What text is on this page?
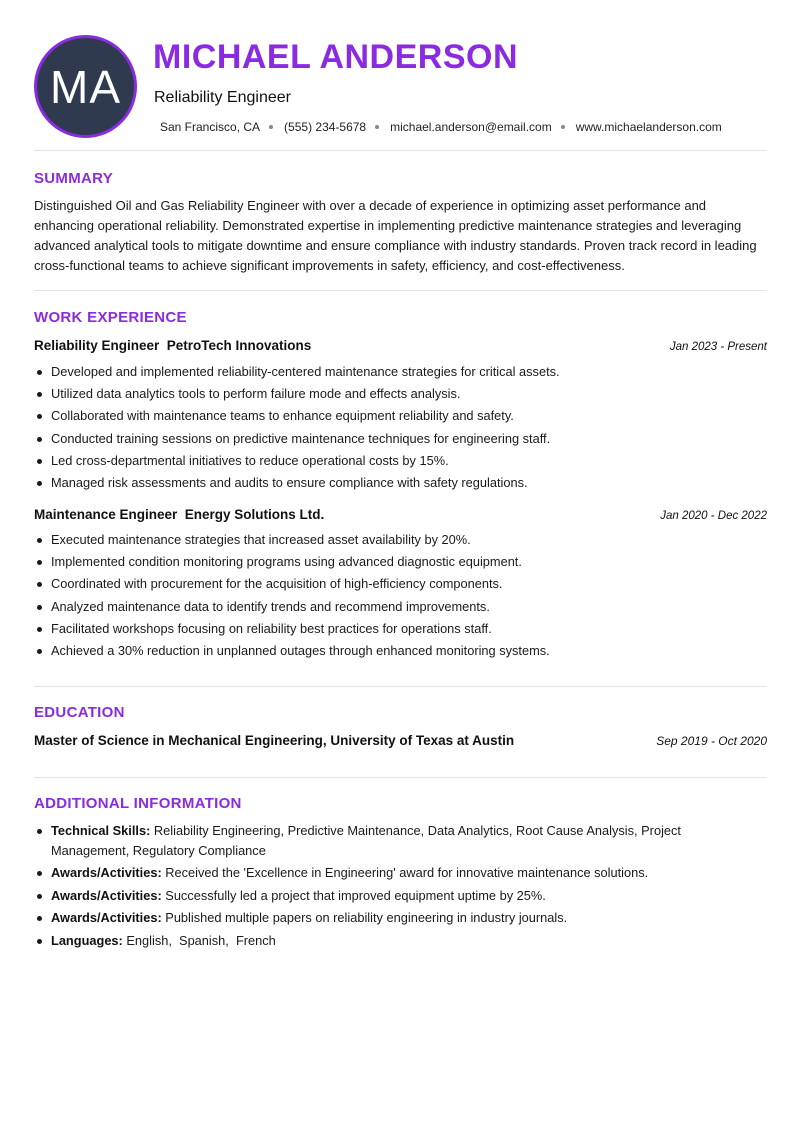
MA
MICHAEL ANDERSON
Reliability Engineer
San Francisco, CA (555) 234-5678 michael.anderson@email.com www.michaelanderson.com
SUMMARY

Distinguished Oil and Gas Reliability Engineer with over a decade of experience in optimizing asset performance and enhancing operational reliability. Demonstrated expertise in implementing predictive maintenance strategies and leveraging advanced analytical tools to mitigate downtime and ensure compliance with industry standards. Proven track record in leading cross-functional teams to achieve significant improvements in safety, efficiency, and cost-effectiveness.

WORK EXPERIENCE
Reliability Engineer  PetroTech Innovations	Jan 2023 - Present
Developed and implemented reliability-centered maintenance strategies for critical assets.
Utilized data analytics tools to perform failure mode and effects analysis.
Collaborated with maintenance teams to enhance equipment reliability and safety.
Conducted training sessions on predictive maintenance techniques for engineering staff.
Led cross-departmental initiatives to reduce operational costs by 15%.
Managed risk assessments and audits to ensure compliance with safety regulations.
Maintenance Engineer  Energy Solutions Ltd.	Jan 2020 - Dec 2022
Executed maintenance strategies that increased asset availability by 20%.
Implemented condition monitoring programs using advanced diagnostic equipment.
Coordinated with procurement for the acquisition of high-efficiency components.
Analyzed maintenance data to identify trends and recommend improvements.
Facilitated workshops focusing on reliability best practices for operations staff.
Achieved a 30% reduction in unplanned outages through enhanced monitoring systems.
EDUCATION
Master of Science in Mechanical Engineering, University of Texas at Austin	Sep 2019 - Oct 2020
ADDITIONAL INFORMATION
Technical Skills: Reliability Engineering, Predictive Maintenance, Data Analytics, Root Cause Analysis, Project Management, Regulatory Compliance
Awards/Activities: Received the 'Excellence in Engineering' award for innovative maintenance solutions.
Awards/Activities: Successfully led a project that improved equipment uptime by 25%.
Awards/Activities: Published multiple papers on reliability engineering in industry journals.
Languages: English,  Spanish,  French
